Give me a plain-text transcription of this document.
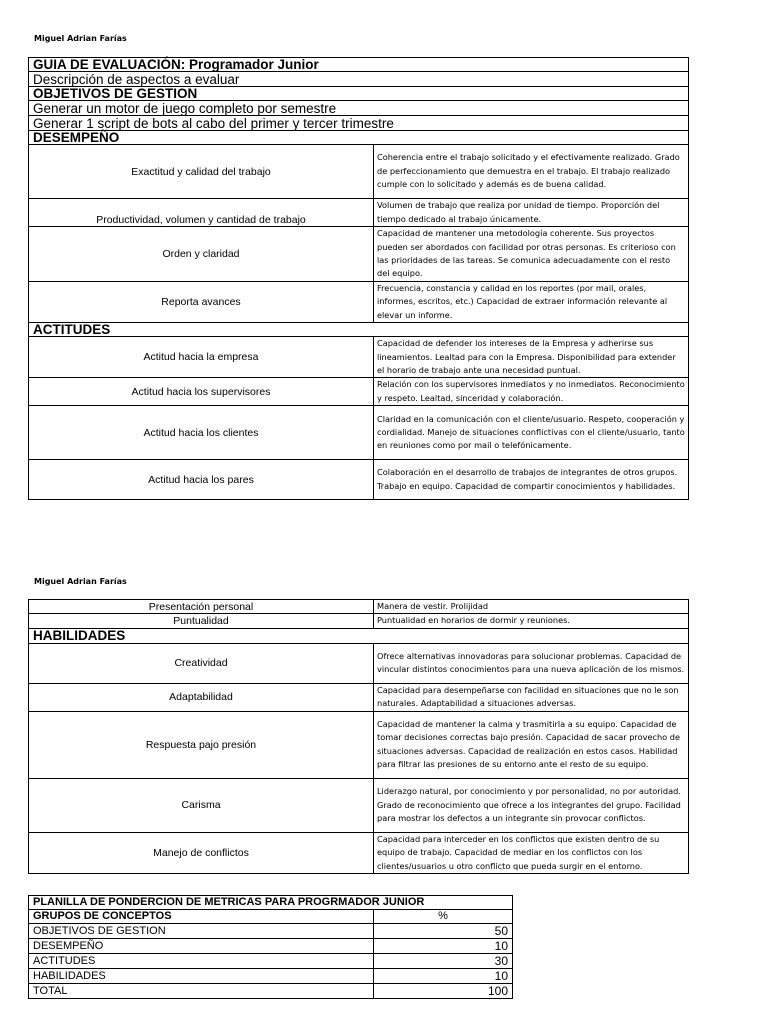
Miguel Adrian Farías
GUIA DE EVALUACIÓN: Programador Junior	
Descripción de aspectos a evaluar	
OBJETIVOS DE GESTION	
Generar un motor de juego completo por semestre	
Generar 1 script de bots al cabo del primer y tercer trimestre	
DESEMPEÑO	
Exactitud y calidad del trabajo	Coherencia entre el trabajo solicitado y el efectivamente realizado. Grado de perfeccionamiento que demuestra en el trabajo. El trabajo realizado cumple con lo solicitado y además es de buena calidad.
Productividad, volumen y cantidad de trabajo	Volumen de trabajo que realiza por unidad de tiempo. Proporción del tiempo dedicado al trabajo únicamente.
Orden y claridad	Capacidad de mantener una metodología coherente. Sus proyectos pueden ser abordados con facilidad por otras personas. Es criterioso con las prioridades de las tareas. Se comunica adecuadamente con el resto del equipo.
Reporta avances	Frecuencia, constancia y calidad en los reportes (por mail, orales, informes, escritos, etc.) Capacidad de extraer información relevante al elevar un informe.
ACTITUDES	
Actitud hacia la empresa	Capacidad de defender los intereses de la Empresa y adherirse sus lineamientos. Lealtad para con la Empresa. Disponibilidad para extender el horario de trabajo ante una necesidad puntual.
Actitud hacia los supervisores	Relación con los supervisores inmediatos y no inmediatos. Reconocimiento y respeto. Lealtad, sinceridad y colaboración.
Actitud hacia los clientes	Claridad en la comunicación con el cliente/usuario. Respeto, cooperación y cordialidad. Manejo de situaciones conflictivas con el cliente/usuario, tanto en reuniones como por mail o telefónicamente.
Actitud hacia los pares	Colaboración en el desarrollo de trabajos de integrantes de otros grupos. Trabajo en equipo. Capacidad de compartir conocimientos y habilidades.
Miguel Adrian Farías
Presentación personal	Manera de vestir. Prolijidad
Puntualidad	Puntualidad en horarios de dormir y reuniones.
HABILIDADES	
Creatividad	Ofrece alternativas innovadoras para solucionar problemas. Capacidad de vincular distintos conocimientos para una nueva aplicación de los mismos.
Adaptabilidad	Capacidad para desempeñarse con facilidad en situaciones que no le son naturales. Adaptabilidad a situaciones adversas.
Respuesta pajo presión	Capacidad de mantener la calma y trasmitirla a su equipo. Capacidad de tomar decisiones correctas bajo presión. Capacidad de sacar provecho de situaciones adversas. Capacidad de realización en estos casos. Habilidad para filtrar las presiones de su entorno ante el resto de su equipo.
Carisma	Liderazgo natural, por conocimiento y por personalidad, no por autoridad. Grado de reconocimiento que ofrece a los integrantes del grupo. Facilidad para mostrar los defectos a un integrante sin provocar conflictos.
Manejo de conflictos	Capacidad para interceder en los conflictos que existen dentro de su equipo de trabajo. Capacidad de mediar en los conflictos con los clientes/usuarios u otro conflicto que pueda surgir en el entorno.
PLANILLA DE PONDERCION DE METRICAS PARA PROGRMADOR JUNIOR	
GRUPOS DE CONCEPTOS	%
OBJETIVOS DE GESTION	50
DESEMPEÑO	10
ACTITUDES	30
HABILIDADES	10
TOTAL	100
